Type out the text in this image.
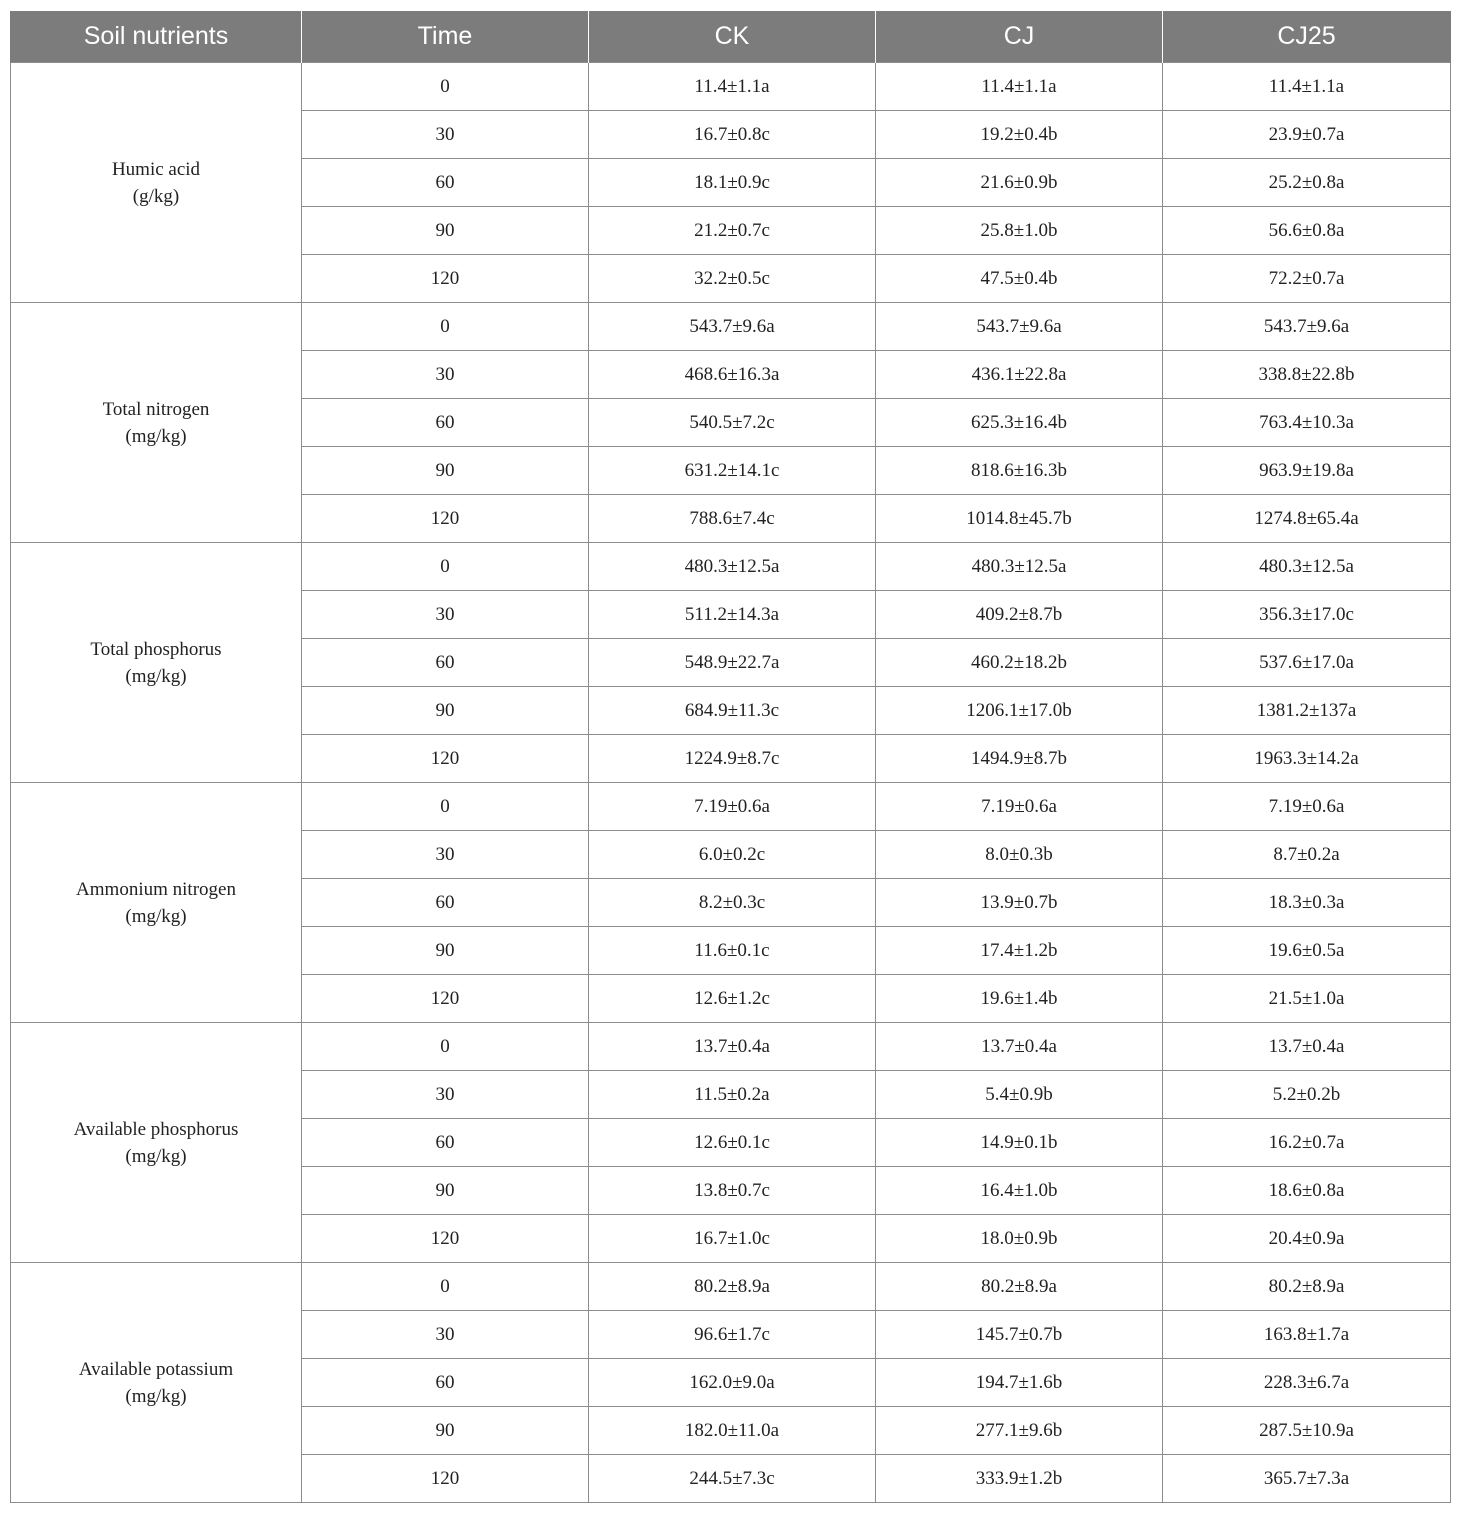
Soil nutrients	Time	CK	CJ	CJ25

Humic acid
(g/kg)	0	11.4±1.1a	11.4±1.1a	11.4±1.1a
	30	16.7±0.8c	19.2±0.4b	23.9±0.7a
	60	18.1±0.9c	21.6±0.9b	25.2±0.8a
	90	21.2±0.7c	25.8±1.0b	56.6±0.8a
	120	32.2±0.5c	47.5±0.4b	72.2±0.7a

Total nitrogen
(mg/kg)	0	543.7±9.6a	543.7±9.6a	543.7±9.6a
	30	468.6±16.3a	436.1±22.8a	338.8±22.8b
	60	540.5±7.2c	625.3±16.4b	763.4±10.3a
	90	631.2±14.1c	818.6±16.3b	963.9±19.8a
	120	788.6±7.4c	1014.8±45.7b	1274.8±65.4a

Total phosphorus
(mg/kg)	0	480.3±12.5a	480.3±12.5a	480.3±12.5a
	30	511.2±14.3a	409.2±8.7b	356.3±17.0c
	60	548.9±22.7a	460.2±18.2b	537.6±17.0a
	90	684.9±11.3c	1206.1±17.0b	1381.2±137a
	120	1224.9±8.7c	1494.9±8.7b	1963.3±14.2a

Ammonium nitrogen
(mg/kg)	0	7.19±0.6a	7.19±0.6a	7.19±0.6a
	30	6.0±0.2c	8.0±0.3b	8.7±0.2a
	60	8.2±0.3c	13.9±0.7b	18.3±0.3a
	90	11.6±0.1c	17.4±1.2b	19.6±0.5a
	120	12.6±1.2c	19.6±1.4b	21.5±1.0a

Available phosphorus
(mg/kg)	0	13.7±0.4a	13.7±0.4a	13.7±0.4a
	30	11.5±0.2a	5.4±0.9b	5.2±0.2b
	60	12.6±0.1c	14.9±0.1b	16.2±0.7a
	90	13.8±0.7c	16.4±1.0b	18.6±0.8a
	120	16.7±1.0c	18.0±0.9b	20.4±0.9a

Available potassium
(mg/kg)	0	80.2±8.9a	80.2±8.9a	80.2±8.9a
	30	96.6±1.7c	145.7±0.7b	163.8±1.7a
	60	162.0±9.0a	194.7±1.6b	228.3±6.7a
	90	182.0±11.0a	277.1±9.6b	287.5±10.9a
	120	244.5±7.3c	333.9±1.2b	365.7±7.3a
